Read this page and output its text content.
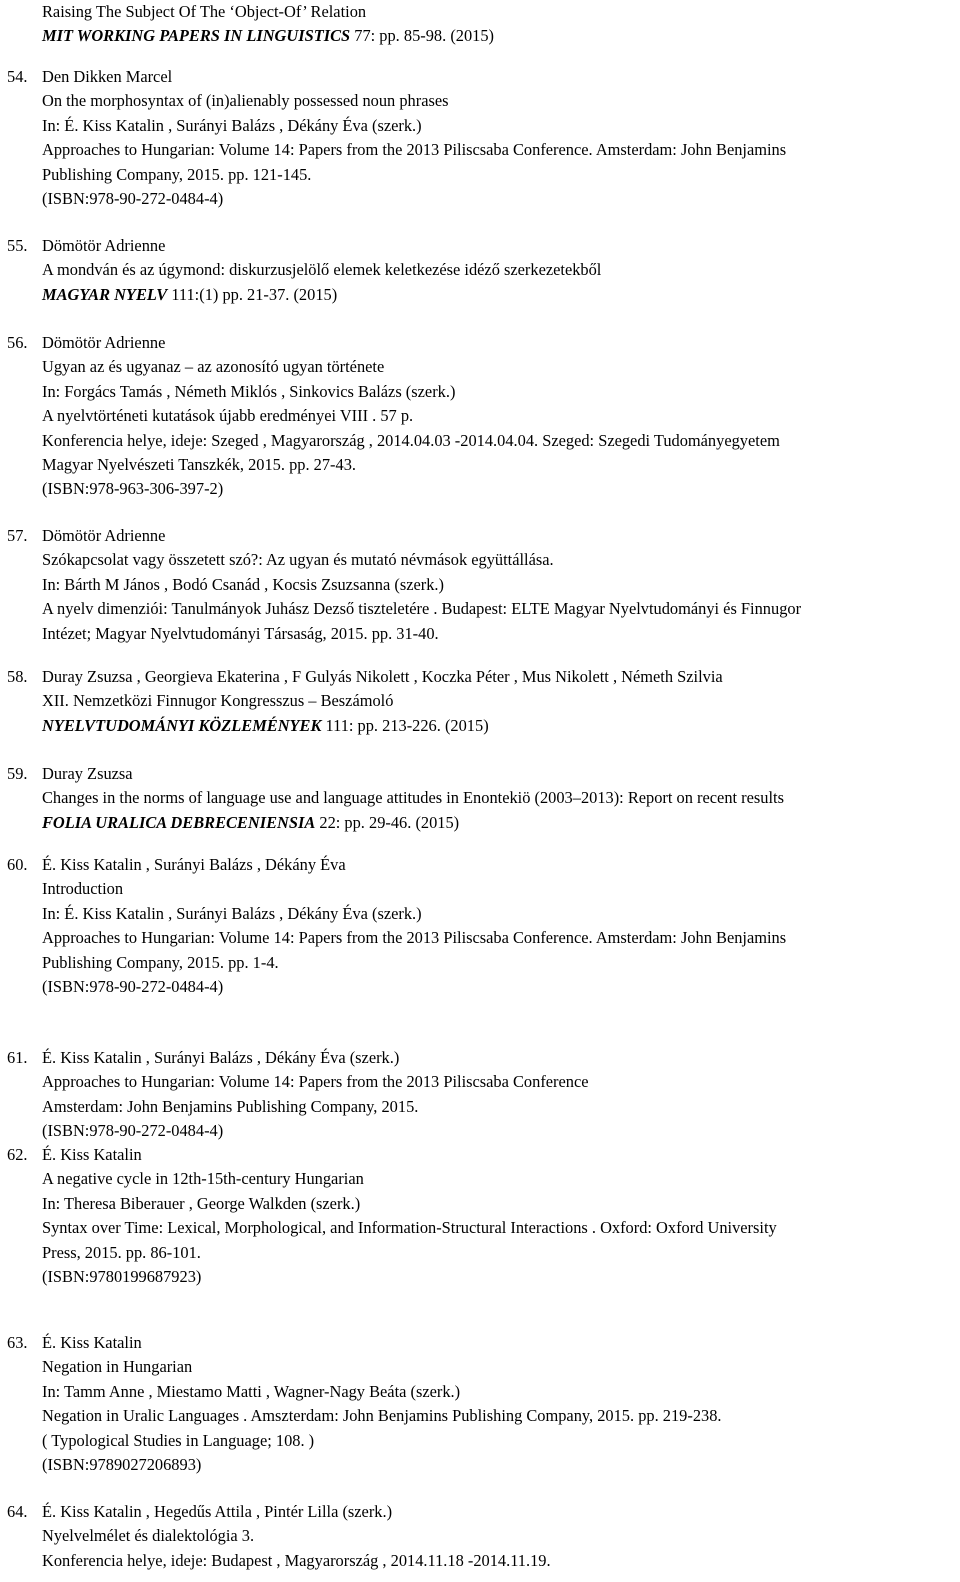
Raising The Subject Of The ‘Object-Of’ Relation
MIT WORKING PAPERS IN LINGUISTICS 77: pp. 85-98. (2015)
54. Den Dikken Marcel
On the morphosyntax of (in)alienably possessed noun phrases
In: É. Kiss Katalin , Surányi Balázs , Dékány Éva (szerk.)
Approaches to Hungarian: Volume 14: Papers from the 2013 Piliscsaba Conference. Amsterdam: John Benjamins
Publishing Company, 2015. pp. 121-145.
(ISBN:978-90-272-0484-4)
55. Dömötör Adrienne
A mondván és az úgymond: diskurzusjelölő elemek keletkezése idéző szerkezetekből
MAGYAR NYELV 111:(1) pp. 21-37. (2015)
56. Dömötör Adrienne
Ugyan az és ugyanaz – az azonosító ugyan története
In: Forgács Tamás , Németh Miklós , Sinkovics Balázs (szerk.)
A nyelvtörténeti kutatások újabb eredményei VIII . 57 p.
Konferencia helye, ideje: Szeged , Magyarország , 2014.04.03 -2014.04.04. Szeged: Szegedi Tudományegyetem
Magyar Nyelvészeti Tanszkék, 2015. pp. 27-43.
(ISBN:978-963-306-397-2)
57. Dömötör Adrienne
Szókapcsolat vagy összetett szó?: Az ugyan és mutató névmások együttállása.
In: Bárth M János , Bodó Csanád , Kocsis Zsuzsanna (szerk.)
A nyelv dimenziói: Tanulmányok Juhász Dezső tiszteletére . Budapest: ELTE Magyar Nyelvtudományi és Finnugor
Intézet; Magyar Nyelvtudományi Társaság, 2015. pp. 31-40.
58. Duray Zsuzsa , Georgieva Ekaterina , F Gulyás Nikolett , Koczka Péter , Mus Nikolett , Németh Szilvia
XII. Nemzetközi Finnugor Kongresszus – Beszámoló
NYELVTUDOMÁNYI KÖZLEMÉNYEK 111: pp. 213-226. (2015)
59. Duray Zsuzsa
Changes in the norms of language use and language attitudes in Enontekiö (2003–2013): Report on recent results
FOLIA URALICA DEBRECENIENSIA 22: pp. 29-46. (2015)
60. É. Kiss Katalin , Surányi Balázs , Dékány Éva
Introduction
In: É. Kiss Katalin , Surányi Balázs , Dékány Éva (szerk.)
Approaches to Hungarian: Volume 14: Papers from the 2013 Piliscsaba Conference. Amsterdam: John Benjamins
Publishing Company, 2015. pp. 1-4.
(ISBN:978-90-272-0484-4)
61. É. Kiss Katalin , Surányi Balázs , Dékány Éva (szerk.)
Approaches to Hungarian: Volume 14: Papers from the 2013 Piliscsaba Conference
Amsterdam: John Benjamins Publishing Company, 2015.
(ISBN:978-90-272-0484-4)
62. É. Kiss Katalin
A negative cycle in 12th-15th-century Hungarian
In: Theresa Biberauer , George Walkden (szerk.)
Syntax over Time: Lexical, Morphological, and Information-Structural Interactions . Oxford: Oxford University
Press, 2015. pp. 86-101.
(ISBN:9780199687923)
63. É. Kiss Katalin
Negation in Hungarian
In: Tamm Anne , Miestamo Matti , Wagner-Nagy Beáta (szerk.)
Negation in Uralic Languages . Amszterdam: John Benjamins Publishing Company, 2015. pp. 219-238.
( Typological Studies in Language; 108. )
(ISBN:9789027206893)
64. É. Kiss Katalin , Hegedűs Attila , Pintér Lilla (szerk.)
Nyelvelmélet és dialektológia 3.
Konferencia helye, ideje: Budapest , Magyarország , 2014.11.18 -2014.11.19.
